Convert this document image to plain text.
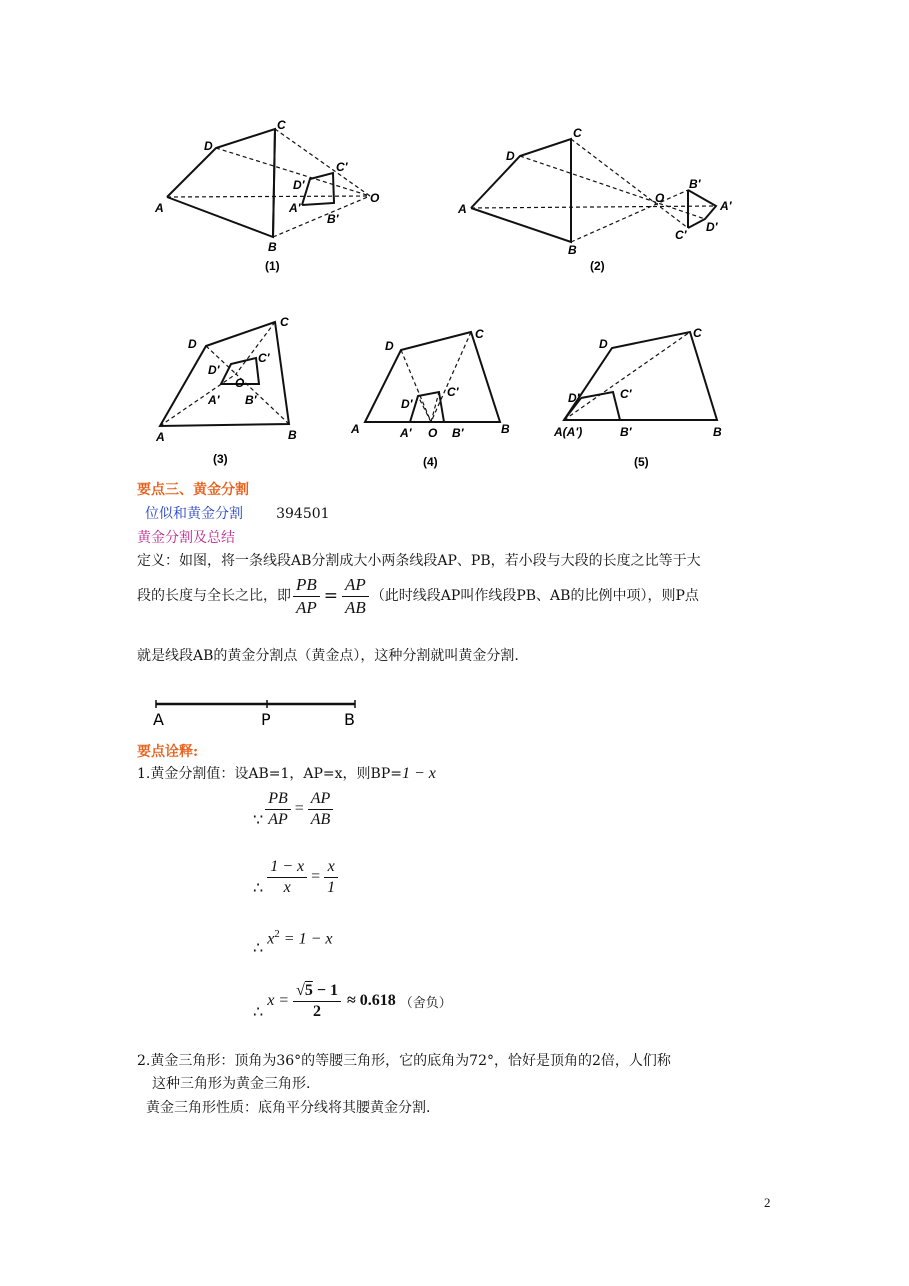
A
D
C
B
C′
D′
A′
B′
O
(1)
A
D
C
B
O
B′
A′
D′
C′
(2)
D
C
A	B
D′
C′
O
A′ B′
(3)
D
C
A	B
D′
C′
A′ O B′
(4)
D
C
D′	C′
A(A′)	B′	B
(5)
要点三、黄金分割
位似和黄金分割 394501
黄金分割及总结
定义：如图，将一条线段AB分割成大小两条线段AP、PB，若小段与大段的长度之比等于大
段的长度与全长之比，即 $\frac{PB}{AP} = \frac{AP}{AB}$ （此时线段AP叫作线段PB、AB的比例中项），则P点
就是线段AB的黄金分割点（黄金点），这种分割就叫黄金分割.
A	P	B
要点诠释:
1.黄金分割值：设AB=1，AP=x，则BP=1 − x
∵ $\frac{PB}{AP} = \frac{AP}{AB}$
∴ $\frac{1 - x}{x} = \frac{x}{1}$
∴ $x^2 = 1 - x$
∴
$x = \frac{√5 - 1}{2} \approx 0.618$ （舍负）
2.黄金三角形：顶角为36°的等腰三角形，它的底角为72°，恰好是顶角的2倍，人们称
这种三角形为黄金三角形.
黄金三角形性质：底角平分线将其腰黄金分割.
2
